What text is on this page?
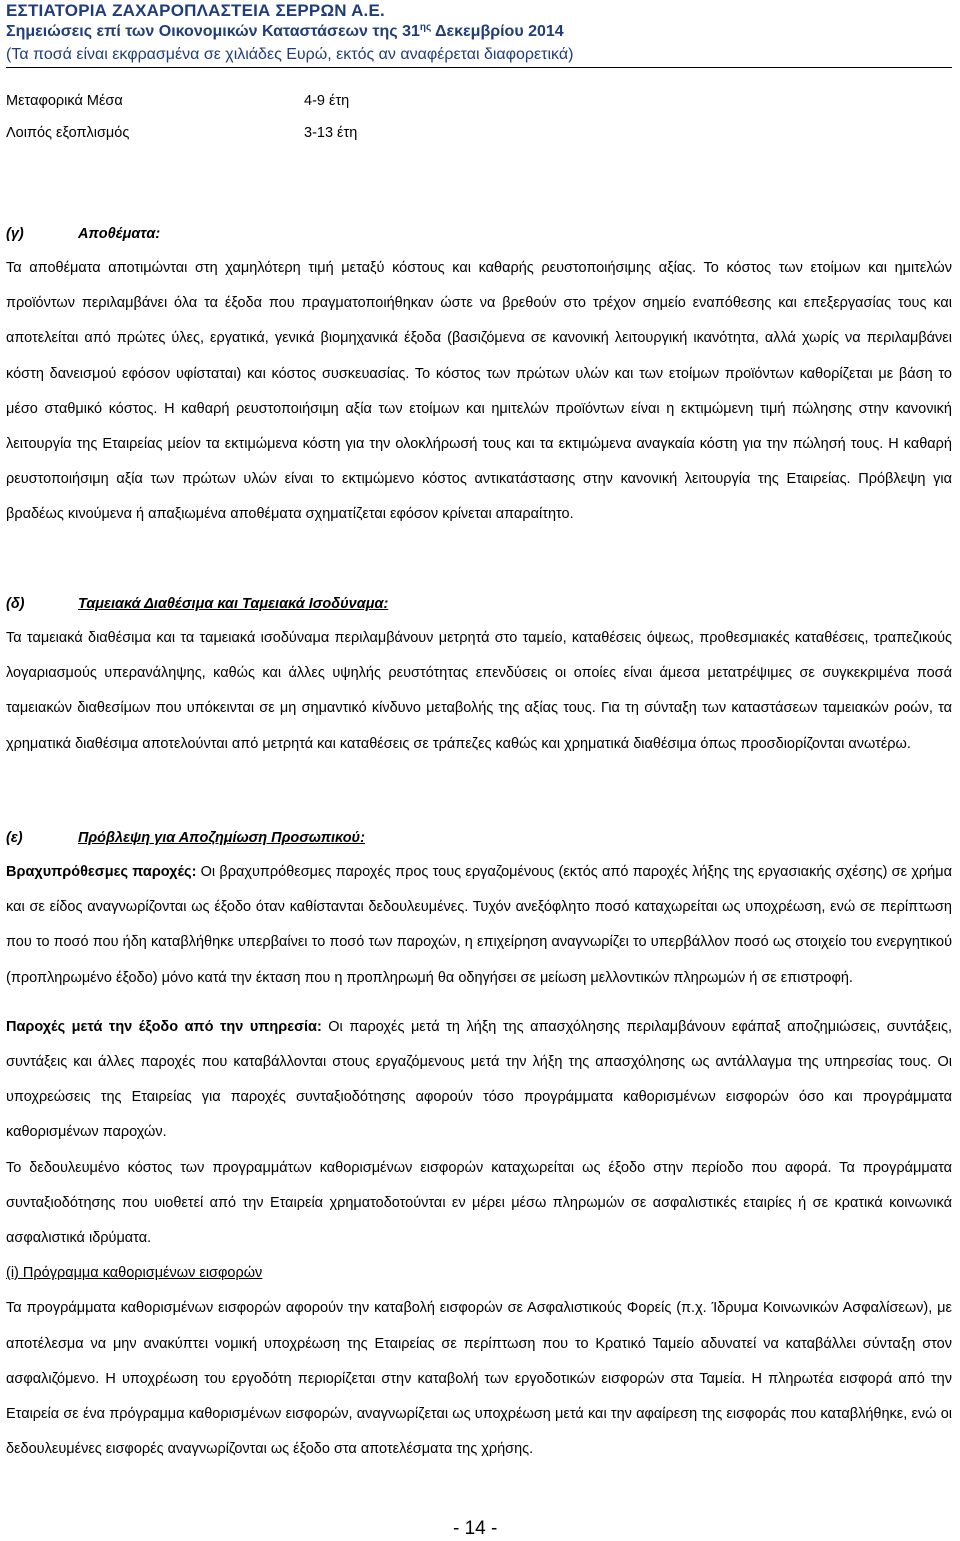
ΕΣΤΙΑΤΟΡΙΑ ΖΑΧΑΡΟΠΛΑΣΤΕΙΑ ΣΕΡΡΩΝ Α.Ε.
Σημειώσεις επί των Οικονομικών Καταστάσεων της $31^{\eta\varsigma}$ Δεκεμβρίου 2014
(Τα ποσά είναι εκφρασμένα σε χιλιάδες Ευρώ, εκτός αν αναφέρεται διαφορετικά)
Μεταφορικά Μέσα	4-9 έτη
Λοιπός εξοπλισμός	3-13 έτη
(γ)	Αποθέματα:

Τα αποθέματα αποτιμώνται στη χαμηλότερη τιμή μεταξύ κόστους και καθαρής ρευστοποιήσιμης αξίας. Το κόστος των ετοίμων και ημιτελών προϊόντων περιλαμβάνει όλα τα έξοδα που πραγματοποιήθηκαν ώστε να βρεθούν στο τρέχον σημείο εναπόθεσης και επεξεργασίας τους και αποτελείται από πρώτες ύλες, εργατικά, γενικά βιομηχανικά έξοδα (βασιζόμενα σε κανονική λειτουργική ικανότητα, αλλά χωρίς να περιλαμβάνει κόστη δανεισμού εφόσον υφίσταται) και κόστος συσκευασίας. Το κόστος των πρώτων υλών και των ετοίμων προϊόντων καθορίζεται με βάση το μέσο σταθμικό κόστος. Η καθαρή ρευστοποιήσιμη αξία των ετοίμων και ημιτελών προϊόντων είναι η εκτιμώμενη τιμή πώλησης στην κανονική λειτουργία της Εταιρείας μείον τα εκτιμώμενα κόστη για την ολοκλήρωσή τους και τα εκτιμώμενα αναγκαία κόστη για την πώλησή τους. Η καθαρή ρευστοποιήσιμη αξία των πρώτων υλών είναι το εκτιμώμενο κόστος αντικατάστασης στην κανονική λειτουργία της Εταιρείας. Πρόβλεψη για βραδέως κινούμενα ή απαξιωμένα αποθέματα σχηματίζεται εφόσον κρίνεται απαραίτητο.

(δ)	Ταμειακά Διαθέσιμα και Ταμειακά Ισοδύναμα:

Τα ταμειακά διαθέσιμα και τα ταμειακά ισοδύναμα περιλαμβάνουν μετρητά στο ταμείο, καταθέσεις όψεως, προθεσμιακές καταθέσεις, τραπεζικούς λογαριασμούς υπερανάληψης, καθώς και άλλες υψηλής ρευστότητας επενδύσεις οι οποίες είναι άμεσα μετατρέψιμες σε συγκεκριμένα ποσά ταμειακών διαθεσίμων που υπόκεινται σε μη σημαντικό κίνδυνο μεταβολής της αξίας τους. Για τη σύνταξη των καταστάσεων ταμειακών ροών, τα χρηματικά διαθέσιμα αποτελούνται από μετρητά και καταθέσεις σε τράπεζες καθώς και χρηματικά διαθέσιμα όπως προσδιορίζονται ανωτέρω.

(ε)	Πρόβλεψη για Αποζημίωση Προσωπικού:

Βραχυπρόθεσμες παροχές: Οι βραχυπρόθεσμες παροχές προς τους εργαζομένους (εκτός από παροχές λήξης της εργασιακής σχέσης) σε χρήμα και σε είδος αναγνωρίζονται ως έξοδο όταν καθίστανται δεδουλευμένες. Τυχόν ανεξόφλητο ποσό καταχωρείται ως υποχρέωση, ενώ σε περίπτωση που το ποσό που ήδη καταβλήθηκε υπερβαίνει το ποσό των παροχών, η επιχείρηση αναγνωρίζει το υπερβάλλον ποσό ως στοιχείο του ενεργητικού (προπληρωμένο έξοδο) μόνο κατά την έκταση που η προπληρωμή θα οδηγήσει σε μείωση μελλοντικών πληρωμών ή σε επιστροφή.

Παροχές μετά την έξοδο από την υπηρεσία: Οι παροχές μετά τη λήξη της απασχόλησης περιλαμβάνουν εφάπαξ αποζημιώσεις, συντάξεις, συντάξεις και άλλες παροχές που καταβάλλονται στους εργαζόμενους μετά την λήξη της απασχόλησης ως αντάλλαγμα της υπηρεσίας τους. Οι υποχρεώσεις της Εταιρείας για παροχές συνταξιοδότησης αφορούν τόσο προγράμματα καθορισμένων εισφορών όσο και προγράμματα καθορισμένων παροχών.

Το δεδουλευμένο κόστος των προγραμμάτων καθορισμένων εισφορών καταχωρείται ως έξοδο στην περίοδο που αφορά. Τα προγράμματα συνταξιοδότησης που υιοθετεί από την Εταιρεία χρηματοδοτούνται εν μέρει μέσω πληρωμών σε ασφαλιστικές εταιρίες ή σε κρατικά κοινωνικά ασφαλιστικά ιδρύματα.

(i) Πρόγραμμα καθορισμένων εισφορών

Τα προγράμματα καθορισμένων εισφορών αφορούν την καταβολή εισφορών σε Ασφαλιστικούς Φορείς (π.χ. Ίδρυμα Κοινωνικών Ασφαλίσεων), με αποτέλεσμα να μην ανακύπτει νομική υποχρέωση της Εταιρείας σε περίπτωση που το Κρατικό Ταμείο αδυνατεί να καταβάλλει σύνταξη στον ασφαλιζόμενο. Η υποχρέωση του εργοδότη περιορίζεται στην καταβολή των εργοδοτικών εισφορών στα Ταμεία. Η πληρωτέα εισφορά από την Εταιρεία σε ένα πρόγραμμα καθορισμένων εισφορών, αναγνωρίζεται ως υποχρέωση μετά και την αφαίρεση της εισφοράς που καταβλήθηκε, ενώ οι δεδουλευμένες εισφορές αναγνωρίζονται ως έξοδο στα αποτελέσματα της χρήσης.

- 14 -
